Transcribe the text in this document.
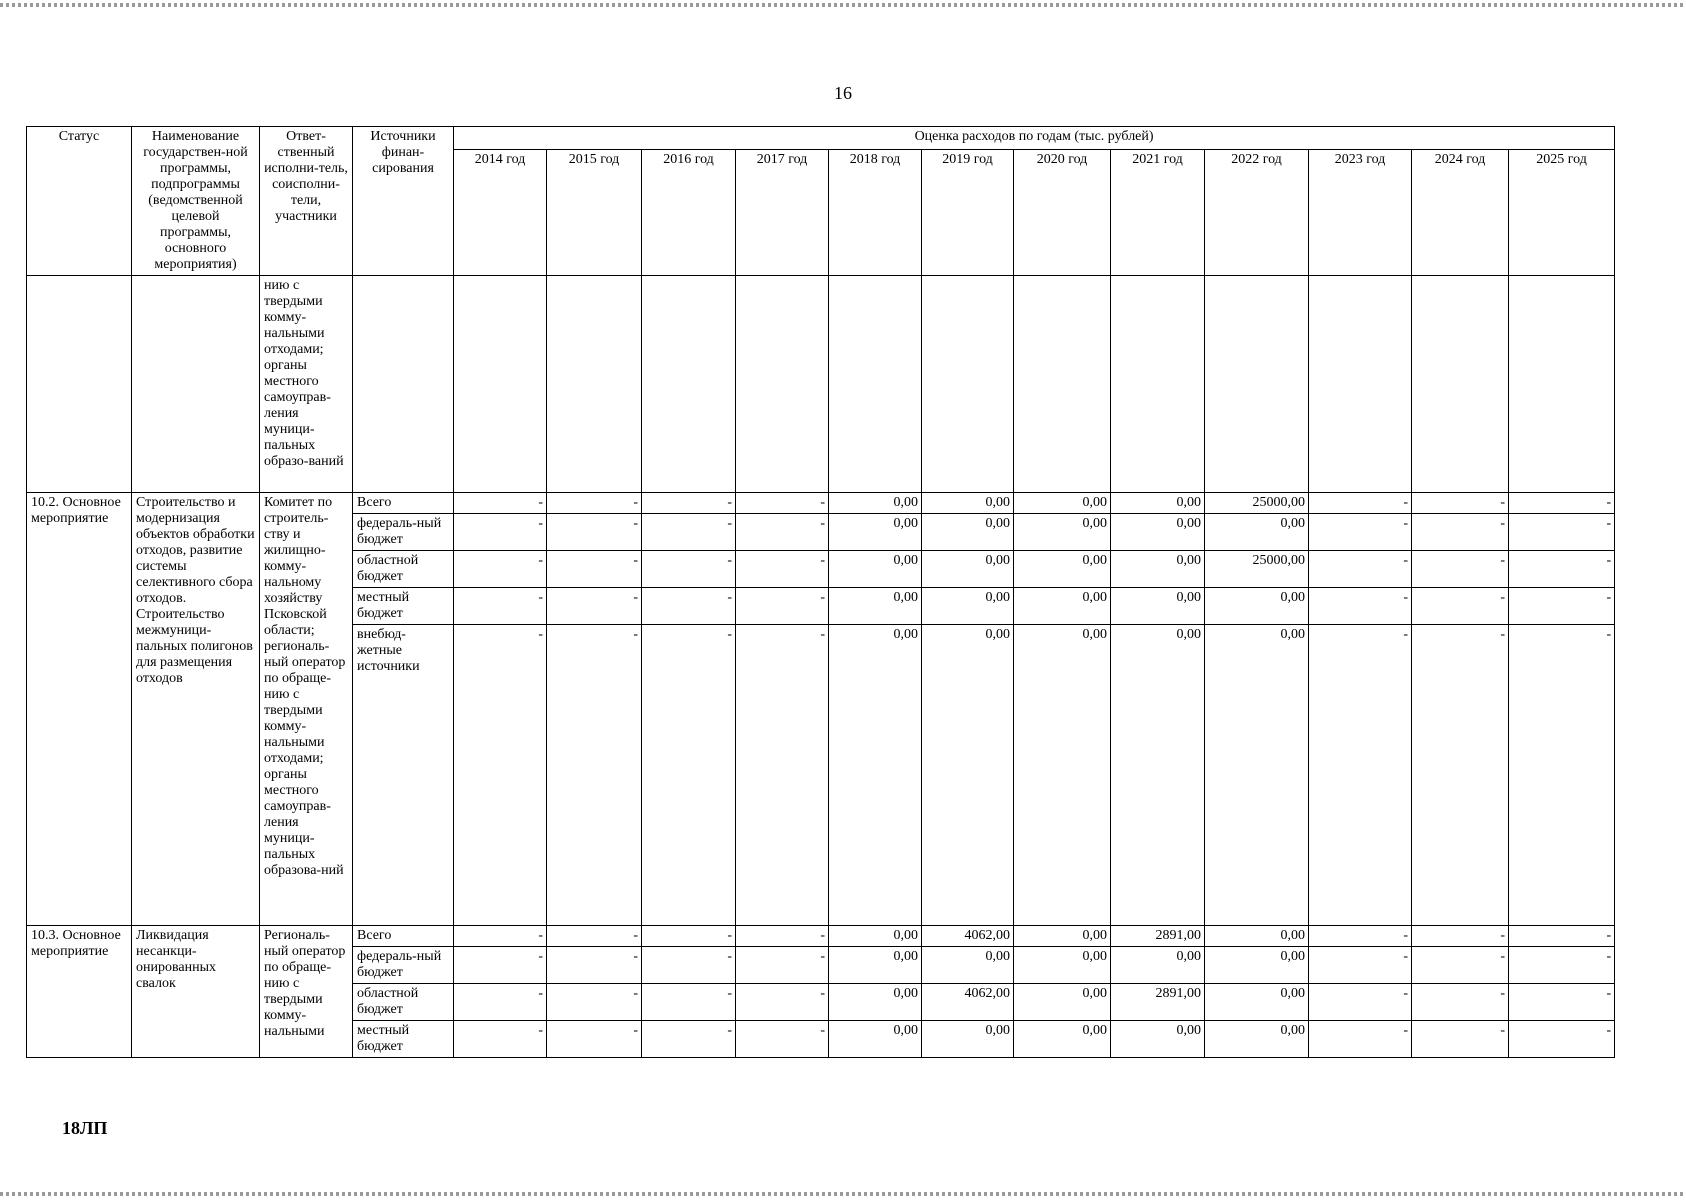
16
Статус	Наименование государствен-ной программы, подпрограммы (ведомственной целевой программы, основного мероприятия)	Ответ-ственный исполни-тель, соисполни-тели, участники	Источники финан-сирования	Оценка расходов по годам (тыс. рублей)											
				2014 год	2015 год	2016 год	2017 год	2018 год	2019 год	2020 год	2021 год	2022 год	2023 год	2024 год	2025 год
		нию с твердыми комму-нальными отходами; органы местного самоуправ-ления муници-пальных образо-ваний													
10.2. Основное мероприятие	Строительство и модернизация объектов обработки отходов, развитие системы селективного сбора отходов. Строительство межмуници-пальных полигонов для размещения отходов	Комитет по строитель-ству и жилищно-комму-нальному хозяйству Псковской области; региональ-ный оператор по обраще-нию с твердыми комму-нальными отходами; органы местного самоуправ-ления муници-пальных образова-ний	Всего	-	-	-	-	0,00	0,00	0,00	0,00	25000,00	-	-	-
			федераль-ный бюджет	-	-	-	-	0,00	0,00	0,00	0,00	0,00	-	-	-
			областной бюджет	-	-	-	-	0,00	0,00	0,00	0,00	25000,00	-	-	-
			местный бюджет	-	-	-	-	0,00	0,00	0,00	0,00	0,00	-	-	-
			внебюд-жетные источники	-	-	-	-	0,00	0,00	0,00	0,00	0,00	-	-	-
10.3. Основное мероприятие	Ликвидация несанкци-онированных свалок	Региональ-ный оператор по обраще-нию с твердыми комму-нальными	Всего	-	-	-	-	0,00	4062,00	0,00	2891,00	0,00	-	-	-
			федераль-ный бюджет	-	-	-	-	0,00	0,00	0,00	0,00	0,00	-	-	-
			областной бюджет	-	-	-	-	0,00	4062,00	0,00	2891,00	0,00	-	-	-
			местный бюджет	-	-	-	-	0,00	0,00	0,00	0,00	0,00	-	-	-
18ЛП
